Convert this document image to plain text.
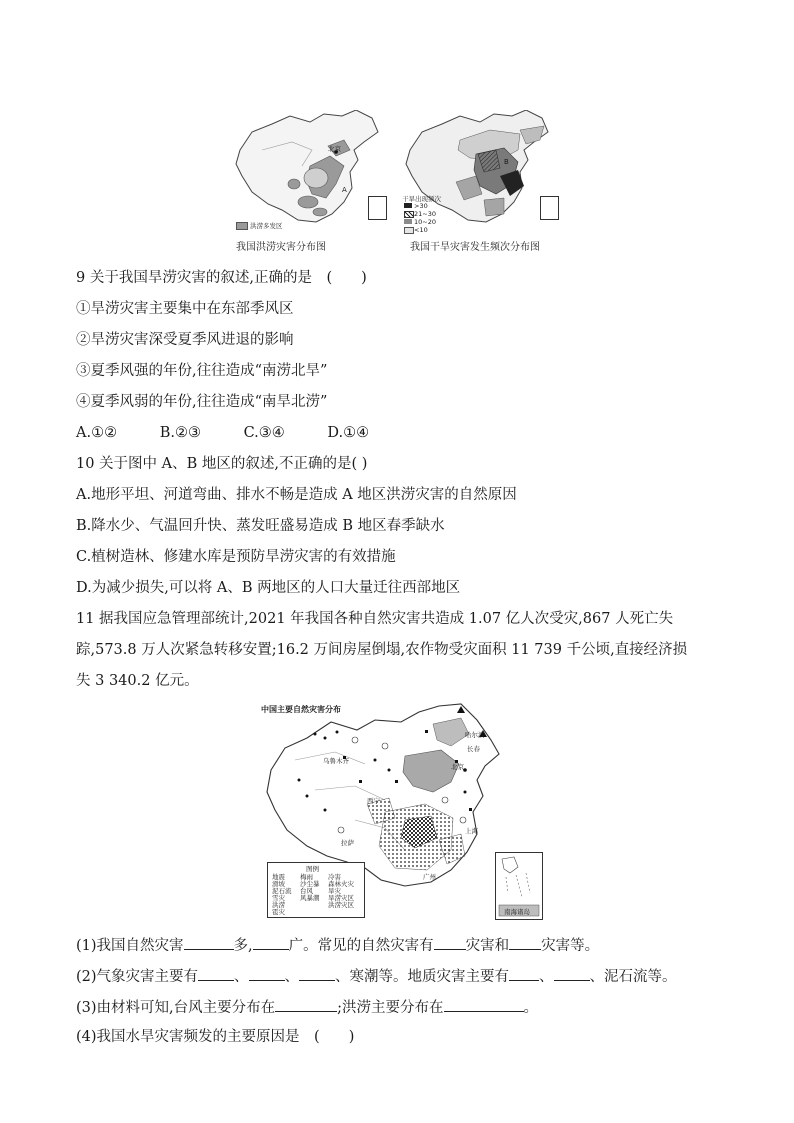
北京
A
洪涝多发区
我国洪涝灾害分布图
B
干旱出现频次
>30
21~30
10~20
<10
我国干旱灾害发生频次分布图
9 关于我国旱涝灾害的叙述,正确的是　(　　)
①旱涝灾害主要集中在东部季风区
②旱涝灾害深受夏季风进退的影响
③夏季风强的年份,往往造成“南涝北旱”
④夏季风弱的年份,往往造成“南旱北涝”
A.①②	B.②③	C.③④	D.①④
10 关于图中 A、B 地区的叙述,不正确的是( )
A.地形平坦、河道弯曲、排水不畅是造成 A 地区洪涝灾害的自然原因
B.降水少、气温回升快、蒸发旺盛易造成 B 地区春季缺水
C.植树造林、修建水库是预防旱涝灾害的有效措施
D.为减少损失,可以将 A、B 两地区的人口大量迁往西部地区
11 据我国应急管理部统计,2021 年我国各种自然灾害共造成 1.07 亿人次受灾,867 人死亡失
踪,573.8 万人次紧急转移安置;16.2 万间房屋倒塌,农作物受灾面积 11 739 千公顷,直接经济损
失 3 340.2 亿元。
中国主要自然灾害分布
乌鲁木齐
拉萨
西宁
哈尔滨
长春
北京
上海
广州
图例
地震
滑坡
泥石流
雪灾
冷害
洪涝
雹灾
梅雨
沙尘暴 森林火灾
台风
风暴潮
旱灾
旱涝灾区
洪涝灾区
南海诸岛
(1)我国自然灾害	多, 广。常见的自然灾害有 灾害和 灾害等。
(2)气象灾害主要有 、 、 、寒潮等。地质灾害主要有 、 、泥石流等。
(3)由材料可知,台风主要分布在	;洪涝主要分布在	。
(4)我国水旱灾害频发的主要原因是　(　　)
